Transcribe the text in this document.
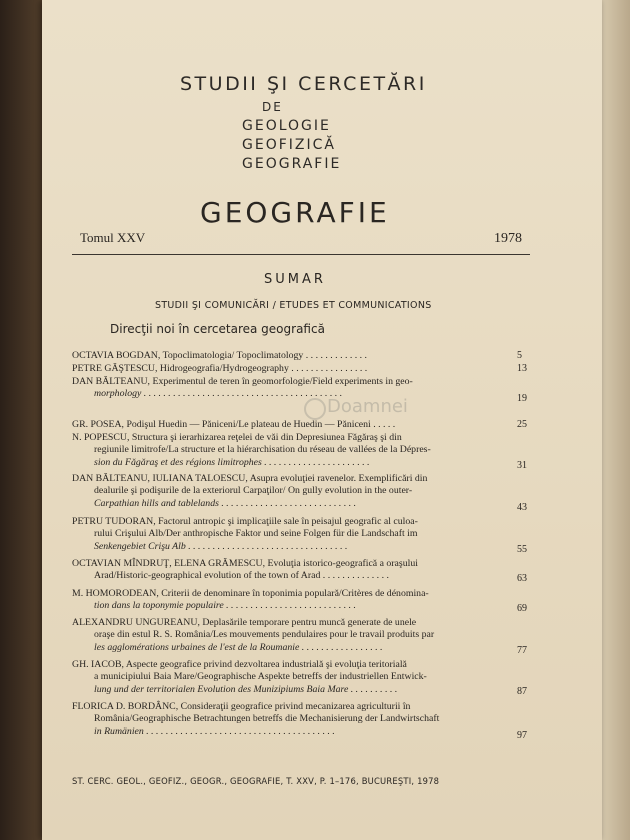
STUDII ŞI CERCETĂRI
DE
GEOLOGIE
GEOFIZICĂ
GEOGRAFIE
GEOGRAFIE
Tomul XXV	1978
SUMAR
STUDII ŞI COMUNICĂRI / ETUDES ET COMMUNICATIONS
Direcţii noi în cercetarea geografică
Doamnei
OCTAVIA BOGDAN, Topoclimatologia/ Topoclimatology . . . . . . . . . . . . .	5
PETRE GĂŞTESCU, Hidrogeografia/Hydrogeography . . . . . . . . . . . . . . . .	13
DAN BĂLTEANU, Experimentul de teren în geomorfologie/Field experiments in geo-
morphology . . . . . . . . . . . . . . . . . . . . . . . . . . . . . . . . . . . . . . . . .	19
GR. POSEA, Podişul Huedin — Păniceni/Le plateau de Huedin — Păniceni . . . . .	25
N. POPESCU, Structura şi ierarhizarea reţelei de văi din Depresiunea Făgăraş şi din
regiunile limitrofe/La structure et la hiérarchisation du réseau de vallées de la Dépres-
sion du Făgăraş et des régions limitrophes . . . . . . . . . . . . . . . . . . . . . .	31
DAN BĂLTEANU, IULIANA TALOESCU, Asupra evoluţiei ravenelor. Exemplificări din
dealurile şi podişurile de la exteriorul Carpaţilor/ On gully evolution in the outer-
Carpathian hills and tablelands . . . . . . . . . . . . . . . . . . . . . . . . . . . .	43
PETRU TUDORAN, Factorul antropic şi implicaţiile sale în peisajul geografic al culoa-
rului Crişului Alb/Der anthropische Faktor und seine Folgen für die Landschaft im
Senkengebiet Crişu Alb . . . . . . . . . . . . . . . . . . . . . . . . . . . . . . . . .	55
OCTAVIAN MÎNDRUŢ, ELENA GRĂMESCU, Evoluţia istorico-geografică a oraşului
Arad/Historic-geographical evolution of the town of Arad . . . . . . . . . . . . . .	63
M. HOMORODEAN, Criterii de denominare în toponimia populară/Critères de dénomina-
tion dans la toponymie populaire . . . . . . . . . . . . . . . . . . . . . . . . . . .	69
ALEXANDRU UNGUREANU, Deplasările temporare pentru muncă generate de unele
oraşe din estul R. S. România/Les mouvements pendulaires pour le travail produits par
les agglomérations urbaines de l'est de la Roumanie . . . . . . . . . . . . . . . . .	77
GH. IACOB, Aspecte geografice privind dezvoltarea industrială şi evoluţia teritorială
a municipiului Baia Mare/Geographische Aspekte betreffs der industriellen Entwick-
lung und der territorialen Evolution des Munizipiums Baia Mare . . . . . . . . . .	87
FLORICA D. BORDÂNC, Consideraţii geografice privind mecanizarea agriculturii în
România/Geographische Betrachtungen betreffs die Mechanisierung der Landwirtschaft
in Rumänien . . . . . . . . . . . . . . . . . . . . . . . . . . . . . . . . . . . . . . .	97
ST. CERC. GEOL., GEOFIZ., GEOGR., GEOGRAFIE, T. XXV, P. 1–176, BUCUREŞTI, 1978
